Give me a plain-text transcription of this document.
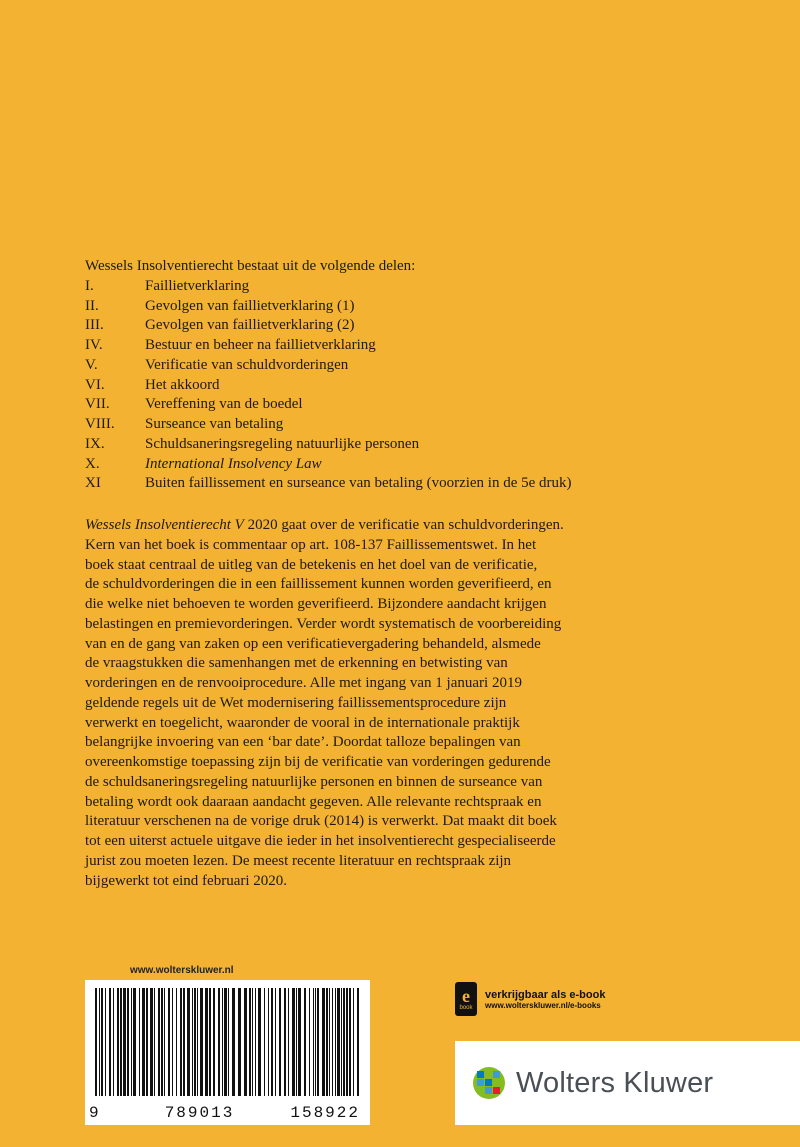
Wessels Insolventierecht bestaat uit de volgende delen:

I.	Faillietverklaring
II.	Gevolgen van faillietverklaring (1)
III.	Gevolgen van faillietverklaring (2)
IV.	Bestuur en beheer na faillietverklaring
V.	Verificatie van schuldvorderingen
VI.	Het akkoord
VII.	Vereffening van de boedel
VIII.	Surseance van betaling
IX.	Schuldsaneringsregeling natuurlijke personen
X.	International Insolvency Law
XI	Buiten faillissement en surseance van betaling (voorzien in de 5e druk)

Wessels Insolventierecht V 2020 gaat over de verificatie van schuldvorderingen.
Kern van het boek is commentaar op art. 108-137 Faillissementswet. In het
boek staat centraal de uitleg van de betekenis en het doel van de verificatie,
de schuldvorderingen die in een faillissement kunnen worden geverifieerd, en
die welke niet behoeven te worden geverifieerd. Bijzondere aandacht krijgen
belastingen en premievorderingen. Verder wordt systematisch de voorbereiding
van en de gang van zaken op een verificatievergadering behandeld, alsmede
de vraagstukken die samenhangen met de erkenning en betwisting van
vorderingen en de renvooiprocedure. Alle met ingang van 1 januari 2019
geldende regels uit de Wet modernisering faillissementsprocedure zijn
verwerkt en toegelicht, waaronder de vooral in de internationale praktijk
belangrijke invoering van een ‘bar date’. Doordat talloze bepalingen van
overeenkomstige toepassing zijn bij de verificatie van vorderingen gedurende
de schuldsaneringsregeling natuurlijke personen en binnen de surseance van
betaling wordt ook daaraan aandacht gegeven. Alle relevante rechtspraak en
literatuur verschenen na de vorige druk (2014) is verwerkt. Dat maakt dit boek
tot een uiterst actuele uitgave die ieder in het insolventierecht gespecialiseerde
jurist zou moeten lezen. De meest recente literatuur en rechtspraak zijn
bijgewerkt tot eind februari 2020.

www.wolterskluwer.nl
9	789013	158922
e
book
verkrijgbaar als e-book
www.wolterskluwer.nl/e-books
Wolters Kluwer
